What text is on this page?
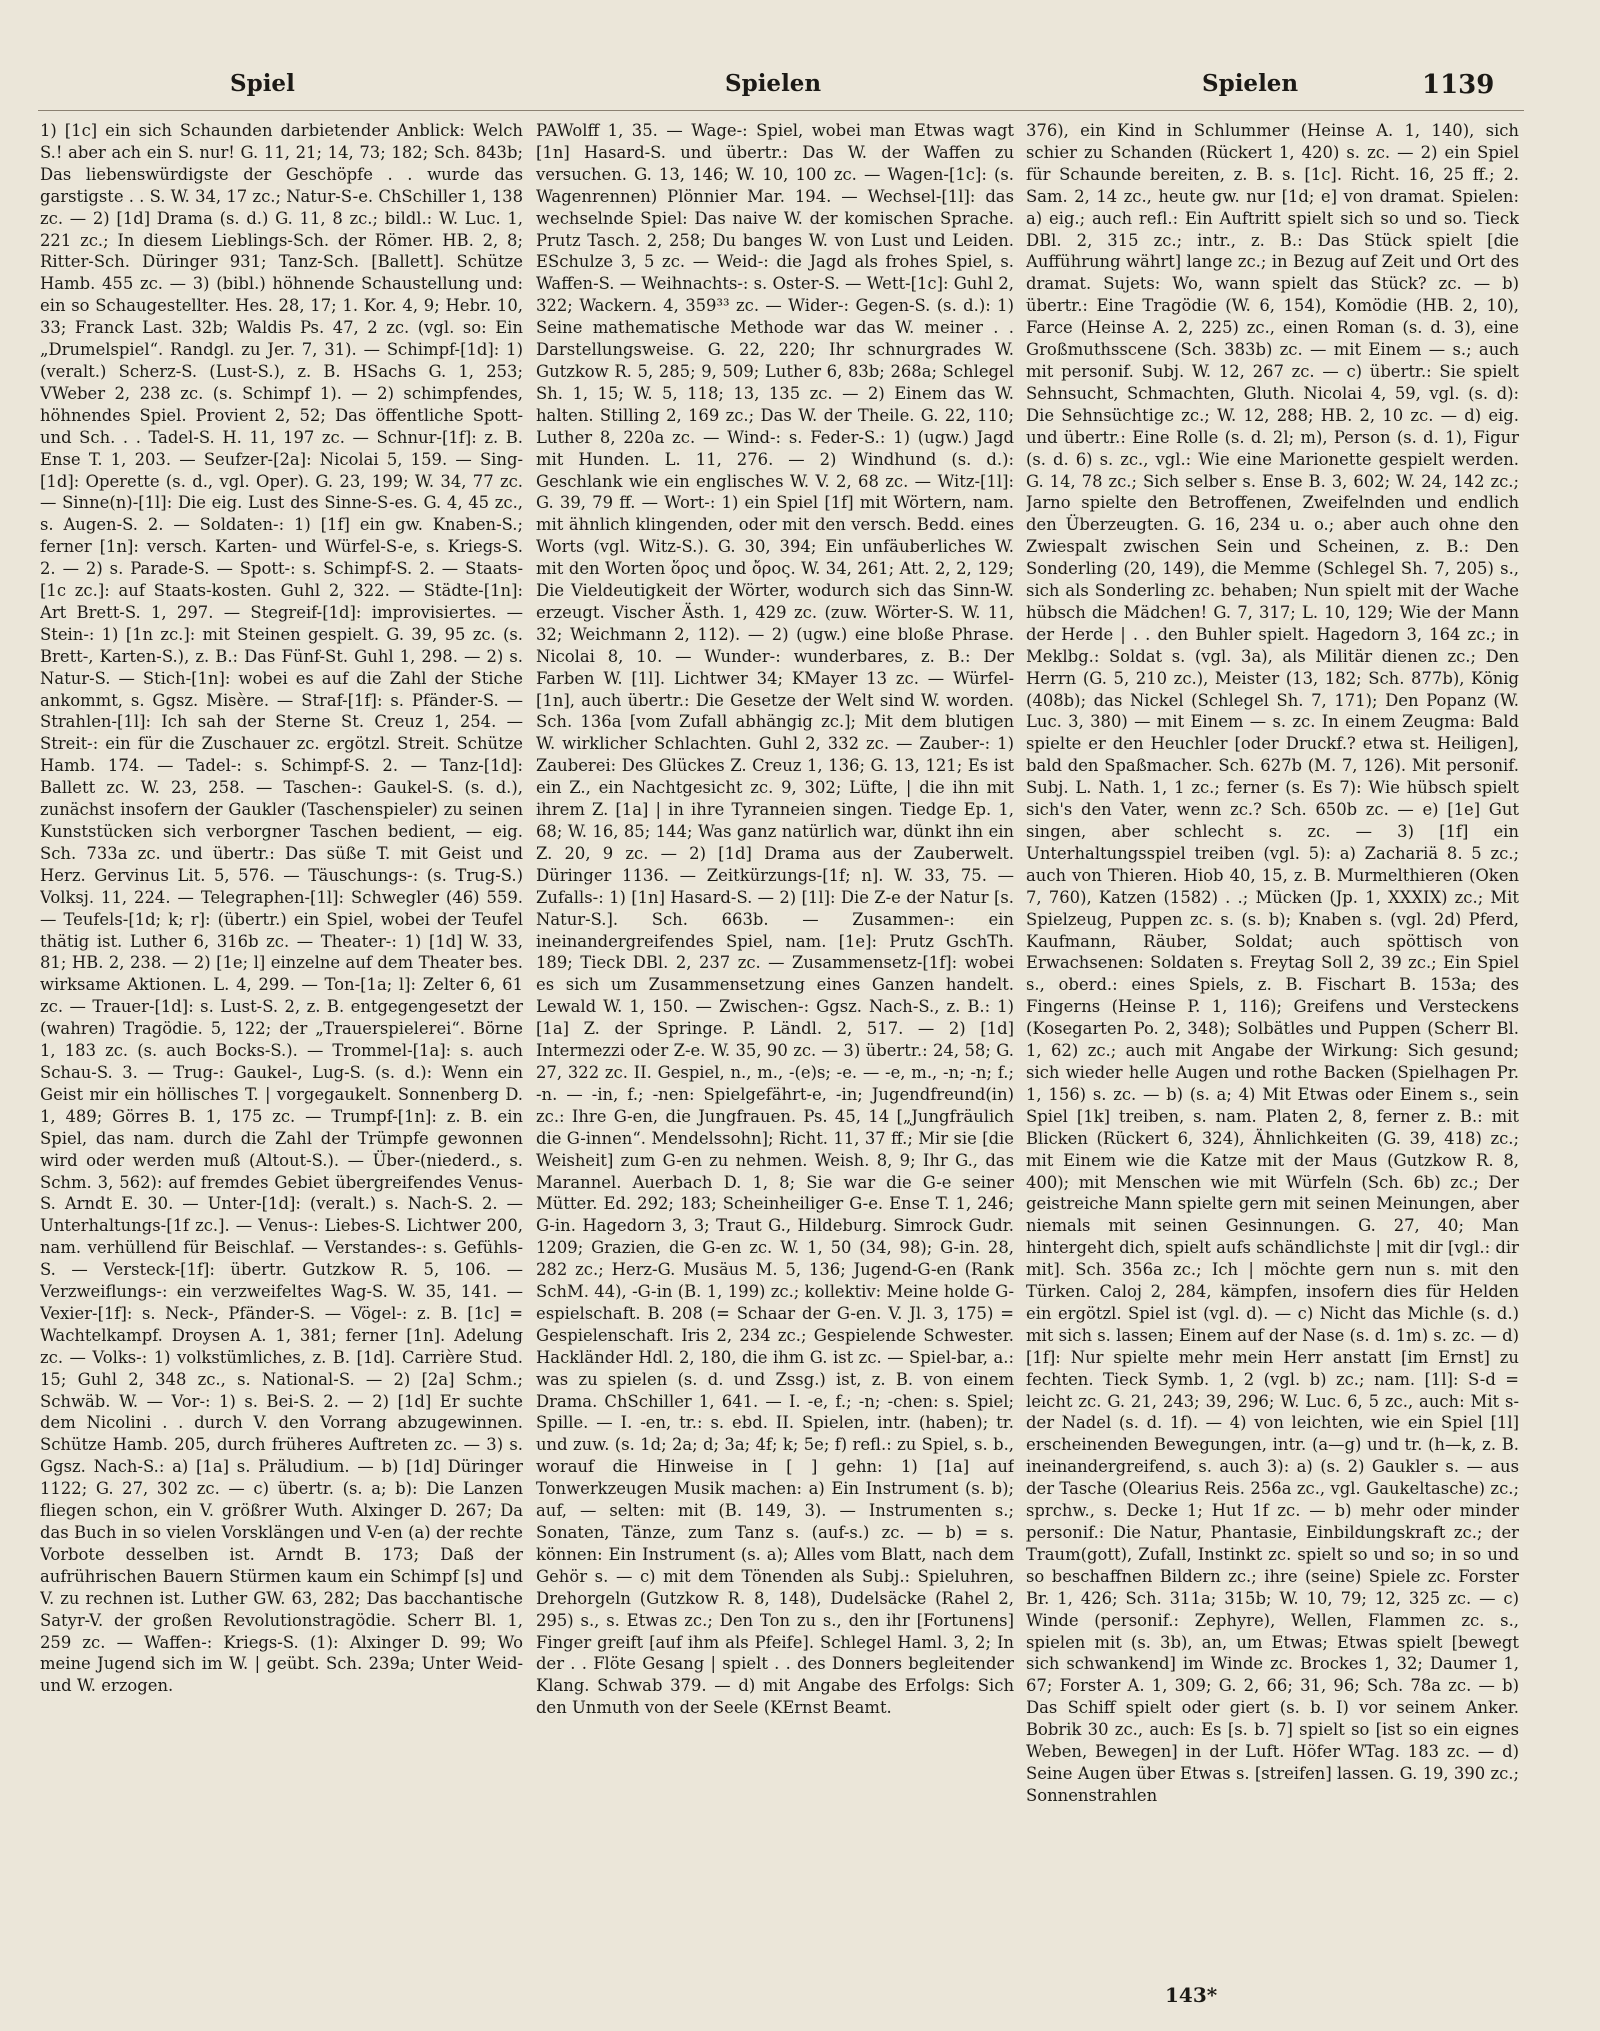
Spiel	Spielen	Spielen	1139

1) [1c] ein sich Schaunden darbietender Anblick: Welch S.! aber ach ein S. nur! G. 11, 21; 14, 73; 182; Sch. 843b; Das liebenswürdigste der Geschöpfe . . wurde das garstigste . . S. W. 34, 17 zc.; Natur-S-e. ChSchiller 1, 138 zc. — 2) [1d] Drama (s. d.) G. 11, 8 zc.; bildl.: W. Luc. 1, 221 zc.; In diesem Lieblings-Sch. der Römer. HB. 2, 8; Ritter-Sch. Düringer 931; Tanz-Sch. [Ballett]. Schütze Hamb. 455 zc. — 3) (bibl.) höhnende Schaustellung und: ein so Schaugestellter. Hes. 28, 17; 1. Kor. 4, 9; Hebr. 10, 33; Franck Last. 32b; Waldis Ps. 47, 2 zc. (vgl. so: Ein „Drumelspiel“. Randgl. zu Jer. 7, 31). — Schimpf-[1d]: 1) (veralt.) Scherz-S. (Lust-S.), z. B. HSachs G. 1, 253; VWeber 2, 238 zc. (s. Schimpf 1). — 2) schimpfendes, höhnendes Spiel. Provient 2, 52; Das öffentliche Spott- und Sch. . . Tadel-S. H. 11, 197 zc. — Schnur-[1f]: z. B. Ense T. 1, 203. — Seufzer-[2a]: Nicolai 5, 159. — Sing-[1d]: Operette (s. d., vgl. Oper). G. 23, 199; W. 34, 77 zc. — Sinne(n)-[1l]: Die eig. Lust des Sinne-S-es. G. 4, 45 zc., s. Augen-S. 2. — Soldaten-: 1) [1f] ein gw. Knaben-S.; ferner [1n]: versch. Karten- und Würfel-S-e, s. Kriegs-S. 2. — 2) s. Parade-S. — Spott-: s. Schimpf-S. 2. — Staats-[1c zc.]: auf Staats-kosten. Guhl 2, 322. — Städte-[1n]: Art Brett-S. 1, 297. — Stegreif-[1d]: improvisiertes. — Stein-: 1) [1n zc.]: mit Steinen gespielt. G. 39, 95 zc. (s. Brett-, Karten-S.), z. B.: Das Fünf-St. Guhl 1, 298. — 2) s. Natur-S. — Stich-[1n]: wobei es auf die Zahl der Stiche ankommt, s. Ggsz. Misère. — Straf-[1f]: s. Pfänder-S. — Strahlen-[1l]: Ich sah der Sterne St. Creuz 1, 254. — Streit-: ein für die Zuschauer zc. ergötzl. Streit. Schütze Hamb. 174. — Tadel-: s. Schimpf-S. 2. — Tanz-[1d]: Ballett zc. W. 23, 258. — Taschen-: Gaukel-S. (s. d.), zunächst insofern der Gaukler (Taschenspieler) zu seinen Kunststücken sich verborgner Taschen bedient, — eig. Sch. 733a zc. und übertr.: Das süße T. mit Geist und Herz. Gervinus Lit. 5, 576. — Täuschungs-: (s. Trug-S.) Volksj. 11, 224. — Telegraphen-[1l]: Schwegler (46) 559. — Teufels-[1d; k; r]: (übertr.) ein Spiel, wobei der Teufel thätig ist. Luther 6, 316b zc. — Theater-: 1) [1d] W. 33, 81; HB. 2, 238. — 2) [1e; l] einzelne auf dem Theater bes. wirksame Aktionen. L. 4, 299. — Ton-[1a; l]: Zelter 6, 61 zc. — Trauer-[1d]: s. Lust-S. 2, z. B. entgegengesetzt der (wahren) Tragödie. 5, 122; der „Trauerspielerei“. Börne 1, 183 zc. (s. auch Bocks-S.). — Trommel-[1a]: s. auch Schau-S. 3. — Trug-: Gaukel-, Lug-S. (s. d.): Wenn ein Geist mir ein höllisches T. | vorgegaukelt. Sonnenberg D. 1, 489; Görres B. 1, 175 zc. — Trumpf-[1n]: z. B. ein Spiel, das nam. durch die Zahl der Trümpfe gewonnen wird oder werden muß (Altout-S.). — Über-(niederd., s. Schm. 3, 562): auf fremdes Gebiet übergreifendes Venus-S. Arndt E. 30. — Unter-[1d]: (veralt.) s. Nach-S. 2. — Unterhaltungs-[1f zc.]. — Venus-: Liebes-S. Lichtwer 200, nam. verhüllend für Beischlaf. — Verstandes-: s. Gefühls-S. — Versteck-[1f]: übertr. Gutzkow R. 5, 106. — Verzweiflungs-: ein verzweifeltes Wag-S. W. 35, 141. — Vexier-[1f]: s. Neck-, Pfänder-S. — Vögel-: z. B. [1c] = Wachtelkampf. Droysen A. 1, 381; ferner [1n]. Adelung zc. — Volks-: 1) volkstümliches, z. B. [1d]. Carrière Stud. 15; Guhl 2, 348 zc., s. National-S. — 2) [2a] Schm.; Schwäb. W. — Vor-: 1) s. Bei-S. 2. — 2) [1d] Er suchte dem Nicolini . . durch V. den Vorrang abzugewinnen. Schütze Hamb. 205, durch früheres Auftreten zc. — 3) s. Ggsz. Nach-S.: a) [1a] s. Präludium. — b) [1d] Düringer 1122; G. 27, 302 zc. — c) übertr. (s. a; b): Die Lanzen fliegen schon, ein V. größrer Wuth. Alxinger D. 267; Da das Buch in so vielen Vorsklängen und V-en (a) der rechte Vorbote desselben ist. Arndt B. 173; Daß der aufrührischen Bauern Stürmen kaum ein Schimpf [s] und V. zu rechnen ist. Luther GW. 63, 282; Das bacchantische Satyr-V. der großen Revolutionstragödie. Scherr Bl. 1, 259 zc. — Waffen-: Kriegs-S. (1): Alxinger D. 99; Wo meine Jugend sich im W. | geübt. Sch. 239a; Unter Weid- und W. erzogen.

PAWolff 1, 35. — Wage-: Spiel, wobei man Etwas wagt [1n] Hasard-S. und übertr.: Das W. der Waffen zu versuchen. G. 13, 146; W. 10, 100 zc. — Wagen-[1c]: (s. Wagenrennen) Plönnier Mar. 194. — Wechsel-[1l]: das wechselnde Spiel: Das naive W. der komischen Sprache. Prutz Tasch. 2, 258; Du banges W. von Lust und Leiden. ESchulze 3, 5 zc. — Weid-: die Jagd als frohes Spiel, s. Waffen-S. — Weihnachts-: s. Oster-S. — Wett-[1c]: Guhl 2, 322; Wackern. 4, 359³³ zc. — Wider-: Gegen-S. (s. d.): 1) Seine mathematische Methode war das W. meiner . . Darstellungsweise. G. 22, 220; Ihr schnurgrades W. Gutzkow R. 5, 285; 9, 509; Luther 6, 83b; 268a; Schlegel Sh. 1, 15; W. 5, 118; 13, 135 zc. — 2) Einem das W. halten. Stilling 2, 169 zc.; Das W. der Theile. G. 22, 110; Luther 8, 220a zc. — Wind-: s. Feder-S.: 1) (ugw.) Jagd mit Hunden. L. 11, 276. — 2) Windhund (s. d.): Geschlank wie ein englisches W. V. 2, 68 zc. — Witz-[1l]: G. 39, 79 ff. — Wort-: 1) ein Spiel [1f] mit Wörtern, nam. mit ähnlich klingenden, oder mit den versch. Bedd. eines Worts (vgl. Witz-S.). G. 30, 394; Ein unfäuberliches W. mit den Worten ὅρος und ὄρος. W. 34, 261; Att. 2, 2, 129; Die Vieldeutigkeit der Wörter, wodurch sich das Sinn-W. erzeugt. Vischer Ästh. 1, 429 zc. (zuw. Wörter-S. W. 11, 32; Weichmann 2, 112). — 2) (ugw.) eine bloße Phrase. Nicolai 8, 10. — Wunder-: wunderbares, z. B.: Der Farben W. [1l]. Lichtwer 34; KMayer 13 zc. — Würfel-[1n], auch übertr.: Die Gesetze der Welt sind W. worden. Sch. 136a [vom Zufall abhängig zc.]; Mit dem blutigen W. wirklicher Schlachten. Guhl 2, 332 zc. — Zauber-: 1) Zauberei: Des Glückes Z. Creuz 1, 136; G. 13, 121; Es ist ein Z., ein Nachtgesicht zc. 9, 302; Lüfte, | die ihn mit ihrem Z. [1a] | in ihre Tyranneien singen. Tiedge Ep. 1, 68; W. 16, 85; 144; Was ganz natürlich war, dünkt ihn ein Z. 20, 9 zc. — 2) [1d] Drama aus der Zauberwelt. Düringer 1136. — Zeitkürzungs-[1f; n]. W. 33, 75. — Zufalls-: 1) [1n] Hasard-S. — 2) [1l]: Die Z-e der Natur [s. Natur-S.]. Sch. 663b. — Zusammen-: ein ineinandergreifendes Spiel, nam. [1e]: Prutz GschTh. 189; Tieck DBl. 2, 237 zc. — Zusammensetz-[1f]: wobei es sich um Zusammensetzung eines Ganzen handelt. Lewald W. 1, 150. — Zwischen-: Ggsz. Nach-S., z. B.: 1) [1a] Z. der Springe. P. Ländl. 2, 517. — 2) [1d] Intermezzi oder Z-e. W. 35, 90 zc. — 3) übertr.: 24, 58; G. 27, 322 zc. II. Gespiel, n., m., -(e)s; -e. — -e, m., -n; -n; f.; -n. — -in, f.; -nen: Spielgefährt-e, -in; Jugendfreund(in) zc.: Ihre G-en, die Jungfrauen. Ps. 45, 14 [„Jungfräulich die G-innen“. Mendelssohn]; Richt. 11, 37 ff.; Mir sie [die Weisheit] zum G-en zu nehmen. Weish. 8, 9; Ihr G., das Marannel. Auerbach D. 1, 8; Sie war die G-e seiner Mütter. Ed. 292; 183; Scheinheiliger G-e. Ense T. 1, 246; G-in. Hagedorn 3, 3; Traut G., Hildeburg. Simrock Gudr. 1209; Grazien, die G-en zc. W. 1, 50 (34, 98); G-in. 28, 282 zc.; Herz-G. Musäus M. 5, 136; Jugend-G-en (Rank SchM. 44), -G-in (B. 1, 199) zc.; kollektiv: Meine holde G-espielschaft. B. 208 (= Schaar der G-en. V. Jl. 3, 175) = Gespielenschaft. Iris 2, 234 zc.; Gespielende Schwester. Hackländer Hdl. 2, 180, die ihm G. ist zc. — Spiel-bar, a.: was zu spielen (s. d. und Zssg.) ist, z. B. von einem Drama. ChSchiller 1, 641. — I. -e, f.; -n; -chen: s. Spiel; Spille. — I. -en, tr.: s. ebd. II. Spielen, intr. (haben); tr. und zuw. (s. 1d; 2a; d; 3a; 4f; k; 5e; f) refl.: zu Spiel, s. b., worauf die Hinweise in [ ] gehn: 1) [1a] auf Tonwerkzeugen Musik machen: a) Ein Instrument (s. b); auf, — selten: mit (B. 149, 3). — Instrumenten s.; Sonaten, Tänze, zum Tanz s. (auf-s.) zc. — b) = s. können: Ein Instrument (s. a); Alles vom Blatt, nach dem Gehör s. — c) mit dem Tönenden als Subj.: Spieluhren, Drehorgeln (Gutzkow R. 8, 148), Dudelsäcke (Rahel 2, 295) s., s. Etwas zc.; Den Ton zu s., den ihr [Fortunens] Finger greift [auf ihm als Pfeife]. Schlegel Haml. 3, 2; In der . . Flöte Gesang | spielt . . des Donners begleitender Klang. Schwab 379. — d) mit Angabe des Erfolgs: Sich den Unmuth von der Seele (KErnst Beamt.

376), ein Kind in Schlummer (Heinse A. 1, 140), sich schier zu Schanden (Rückert 1, 420) s. zc. — 2) ein Spiel für Schaunde bereiten, z. B. s. [1c]. Richt. 16, 25 ff.; 2. Sam. 2, 14 zc., heute gw. nur [1d; e] von dramat. Spielen: a) eig.; auch refl.: Ein Auftritt spielt sich so und so. Tieck DBl. 2, 315 zc.; intr., z. B.: Das Stück spielt [die Aufführung währt] lange zc.; in Bezug auf Zeit und Ort des dramat. Sujets: Wo, wann spielt das Stück? zc. — b) übertr.: Eine Tragödie (W. 6, 154), Komödie (HB. 2, 10), Farce (Heinse A. 2, 225) zc., einen Roman (s. d. 3), eine Großmuthsscene (Sch. 383b) zc. — mit Einem — s.; auch mit personif. Subj. W. 12, 267 zc. — c) übertr.: Sie spielt Sehnsucht, Schmachten, Gluth. Nicolai 4, 59, vgl. (s. d): Die Sehnsüchtige zc.; W. 12, 288; HB. 2, 10 zc. — d) eig. und übertr.: Eine Rolle (s. d. 2l; m), Person (s. d. 1), Figur (s. d. 6) s. zc., vgl.: Wie eine Marionette gespielt werden. G. 14, 78 zc.; Sich selber s. Ense B. 3, 602; W. 24, 142 zc.; Jarno spielte den Betroffenen, Zweifelnden und endlich den Überzeugten. G. 16, 234 u. o.; aber auch ohne den Zwiespalt zwischen Sein und Scheinen, z. B.: Den Sonderling (20, 149), die Memme (Schlegel Sh. 7, 205) s., sich als Sonderling zc. behaben; Nun spielt mit der Wache hübsch die Mädchen! G. 7, 317; L. 10, 129; Wie der Mann der Herde | . . den Buhler spielt. Hagedorn 3, 164 zc.; in Meklbg.: Soldat s. (vgl. 3a), als Militär dienen zc.; Den Herrn (G. 5, 210 zc.), Meister (13, 182; Sch. 877b), König (408b); das Nickel (Schlegel Sh. 7, 171); Den Popanz (W. Luc. 3, 380) — mit Einem — s. zc. In einem Zeugma: Bald spielte er den Heuchler [oder Druckf.? etwa st. Heiligen], bald den Spaßmacher. Sch. 627b (M. 7, 126). Mit personif. Subj. L. Nath. 1, 1 zc.; ferner (s. Es 7): Wie hübsch spielt sich's den Vater, wenn zc.? Sch. 650b zc. — e) [1e] Gut singen, aber schlecht s. zc. — 3) [1f] ein Unterhaltungsspiel treiben (vgl. 5): a) Zachariä 8. 5 zc.; auch von Thieren. Hiob 40, 15, z. B. Murmelthieren (Oken 7, 760), Katzen (1582) . .; Mücken (Jp. 1, XXXIX) zc.; Mit Spielzeug, Puppen zc. s. (s. b); Knaben s. (vgl. 2d) Pferd, Kaufmann, Räuber, Soldat; auch spöttisch von Erwachsenen: Soldaten s. Freytag Soll 2, 39 zc.; Ein Spiel s., oberd.: eines Spiels, z. B. Fischart B. 153a; des Fingerns (Heinse P. 1, 116); Greifens und Versteckens (Kosegarten Po. 2, 348); Solbätles und Puppen (Scherr Bl. 1, 62) zc.; auch mit Angabe der Wirkung: Sich gesund; sich wieder helle Augen und rothe Backen (Spielhagen Pr. 1, 156) s. zc. — b) (s. a; 4) Mit Etwas oder Einem s., sein Spiel [1k] treiben, s. nam. Platen 2, 8, ferner z. B.: mit Blicken (Rückert 6, 324), Ähnlichkeiten (G. 39, 418) zc.; mit Einem wie die Katze mit der Maus (Gutzkow R. 8, 400); mit Menschen wie mit Würfeln (Sch. 6b) zc.; Der geistreiche Mann spielte gern mit seinen Meinungen, aber niemals mit seinen Gesinnungen. G. 27, 40; Man hintergeht dich, spielt aufs schändlichste | mit dir [vgl.: dir mit]. Sch. 356a zc.; Ich | möchte gern nun s. mit den Türken. Caloj 2, 284, kämpfen, insofern dies für Helden ein ergötzl. Spiel ist (vgl. d). — c) Nicht das Michle (s. d.) mit sich s. lassen; Einem auf der Nase (s. d. 1m) s. zc. — d) [1f]: Nur spielte mehr mein Herr anstatt [im Ernst] zu fechten. Tieck Symb. 1, 2 (vgl. b) zc.; nam. [1l]: S-d = leicht zc. G. 21, 243; 39, 296; W. Luc. 6, 5 zc., auch: Mit s-der Nadel (s. d. 1f). — 4) von leichten, wie ein Spiel [1l] erscheinenden Bewegungen, intr. (a—g) und tr. (h—k, z. B. ineinandergreifend, s. auch 3): a) (s. 2) Gaukler s. — aus der Tasche (Olearius Reis. 256a zc., vgl. Gaukeltasche) zc.; sprchw., s. Decke 1; Hut 1f zc. — b) mehr oder minder personif.: Die Natur, Phantasie, Einbildungskraft zc.; der Traum(gott), Zufall, Instinkt zc. spielt so und so; in so und so beschaffnen Bildern zc.; ihre (seine) Spiele zc. Forster Br. 1, 426; Sch. 311a; 315b; W. 10, 79; 12, 325 zc. — c) Winde (personif.: Zephyre), Wellen, Flammen zc. s., spielen mit (s. 3b), an, um Etwas; Etwas spielt [bewegt sich schwankend] im Winde zc. Brockes 1, 32; Daumer 1, 67; Forster A. 1, 309; G. 2, 66; 31, 96; Sch. 78a zc. — b) Das Schiff spielt oder giert (s. b. I) vor seinem Anker. Bobrik 30 zc., auch: Es [s. b. 7] spielt so [ist so ein eignes Weben, Bewegen] in der Luft. Höfer WTag. 183 zc. — d) Seine Augen über Etwas s. [streifen] lassen. G. 19, 390 zc.; Sonnenstrahlen

143*
